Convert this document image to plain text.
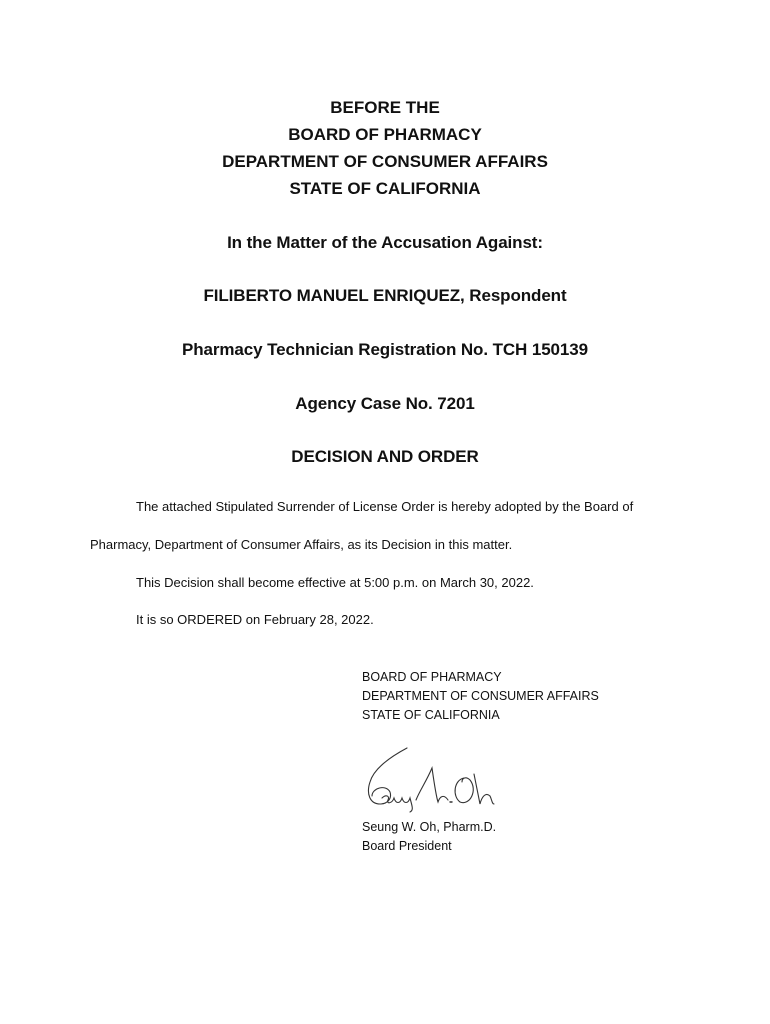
BEFORE THE
BOARD OF PHARMACY
DEPARTMENT OF CONSUMER AFFAIRS
STATE OF CALIFORNIA
In the Matter of the Accusation Against:
FILIBERTO MANUEL ENRIQUEZ, Respondent
Pharmacy Technician Registration No. TCH 150139
Agency Case No. 7201
DECISION AND ORDER
The attached Stipulated Surrender of License Order is hereby adopted by the Board of
Pharmacy, Department of Consumer Affairs, as its Decision in this matter.
This Decision shall become effective at 5:00 p.m. on March 30, 2022.
It is so ORDERED on February 28, 2022.
BOARD OF PHARMACY
DEPARTMENT OF CONSUMER AFFAIRS
STATE OF CALIFORNIA
Seung W. Oh, Pharm.D.
Board President
